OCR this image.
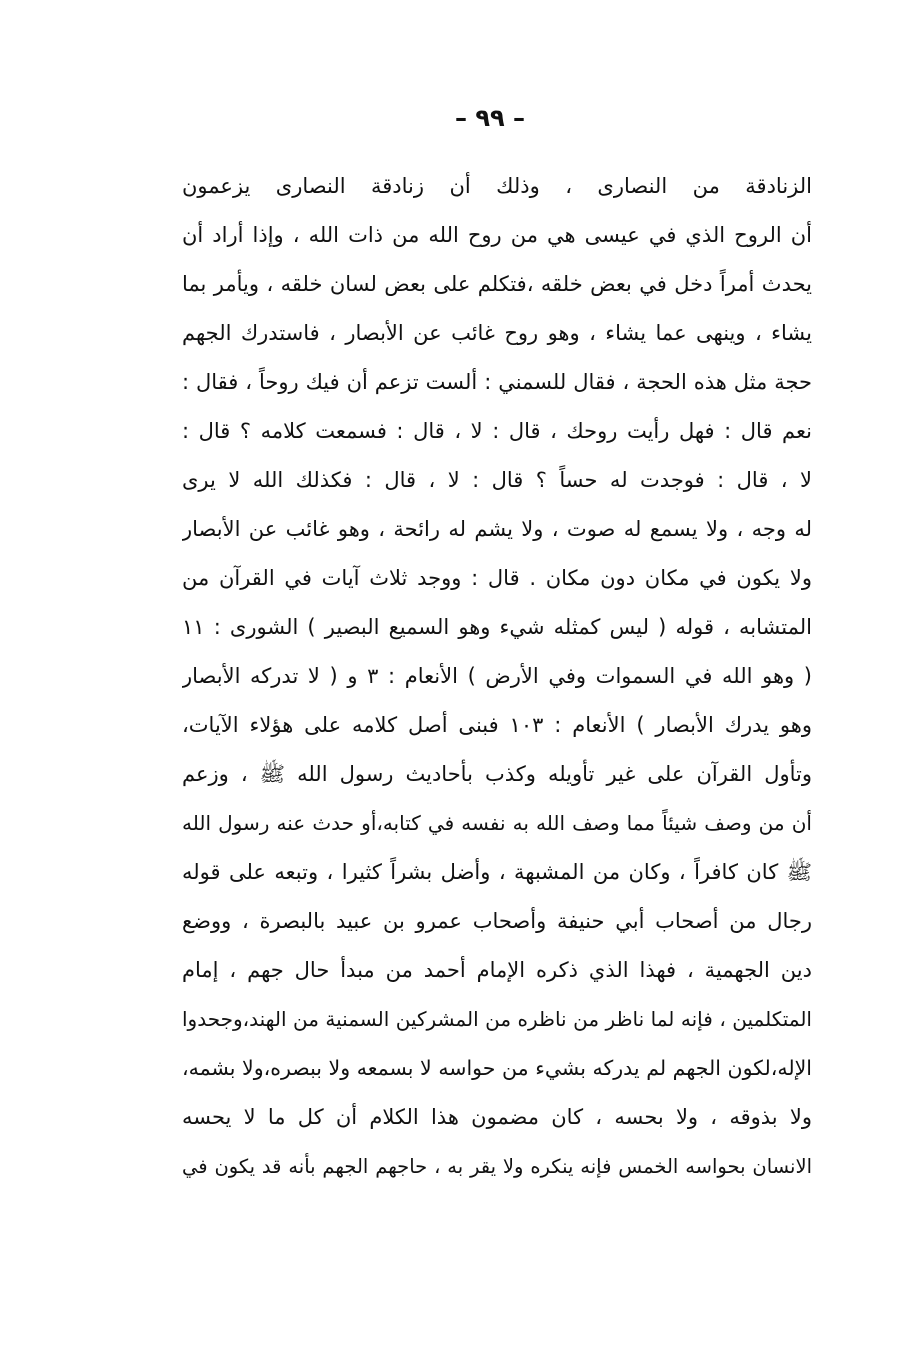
– ٩٩ –
الزنادقة من النصارى ، وذلك أن زنادقة النصارى يزعمون
أن الروح الذي في عيسى هي من روح الله من ذات الله ، وإذا أراد أن
يحدث أمراً دخل في بعض خلقه ،فتكلم على بعض لسان خلقه ، ويأمر بما
يشاء ، وينهى عما يشاء ، وهو روح غائب عن الأبصار ، فاستدرك الجهم
حجة مثل هذه الحجة ، فقال للسمني : ألست تزعم أن فيك روحاً ، فقال :
نعم قال : فهل رأيت روحك ، قال : لا ، قال : فسمعت كلامه ؟ قال :
لا ، قال : فوجدت له حساً ؟ قال : لا ، قال : فكذلك الله لا يرى
له وجه ، ولا يسمع له صوت ، ولا يشم له رائحة ، وهو غائب عن الأبصار
ولا يكون في مكان دون مكان . قال : ووجد ثلاث آيات في القرآن من
المتشابه ، قوله ( ليس كمثله شيء وهو السميع البصير ) الشورى : ١١
( وهو الله في السموات وفي الأرض ) الأنعام : ٣ و ( لا تدركه الأبصار
وهو يدرك الأبصار ) الأنعام : ١٠٣ فبنى أصل كلامه على هؤلاء الآيات،
وتأول القرآن على غير تأويله وكذب بأحاديث رسول الله ﷺ ، وزعم
أن من وصف شيئاً مما وصف الله به نفسه في كتابه،أو حدث عنه رسول الله
ﷺ كان كافراً ، وكان من المشبهة ، وأضل بشراً كثيرا ، وتبعه على قوله
رجال من أصحاب أبي حنيفة وأصحاب عمرو بن عبيد بالبصرة ، ووضع
دين الجهمية ، فهذا الذي ذكره الإمام أحمد من مبدأ حال جهم ، إمام
المتكلمين ، فإنه لما ناظر من ناظره من المشركين السمنية من الهند،وجحدوا
الإله،لكون الجهم لم يدركه بشيء من حواسه لا بسمعه ولا ببصره،ولا بشمه،
ولا بذوقه ، ولا بحسه ، كان مضمون هذا الكلام أن كل ما لا يحسه
الانسان بحواسه الخمس فإنه ينكره ولا يقر به ، حاجهم الجهم بأنه قد يكون في
